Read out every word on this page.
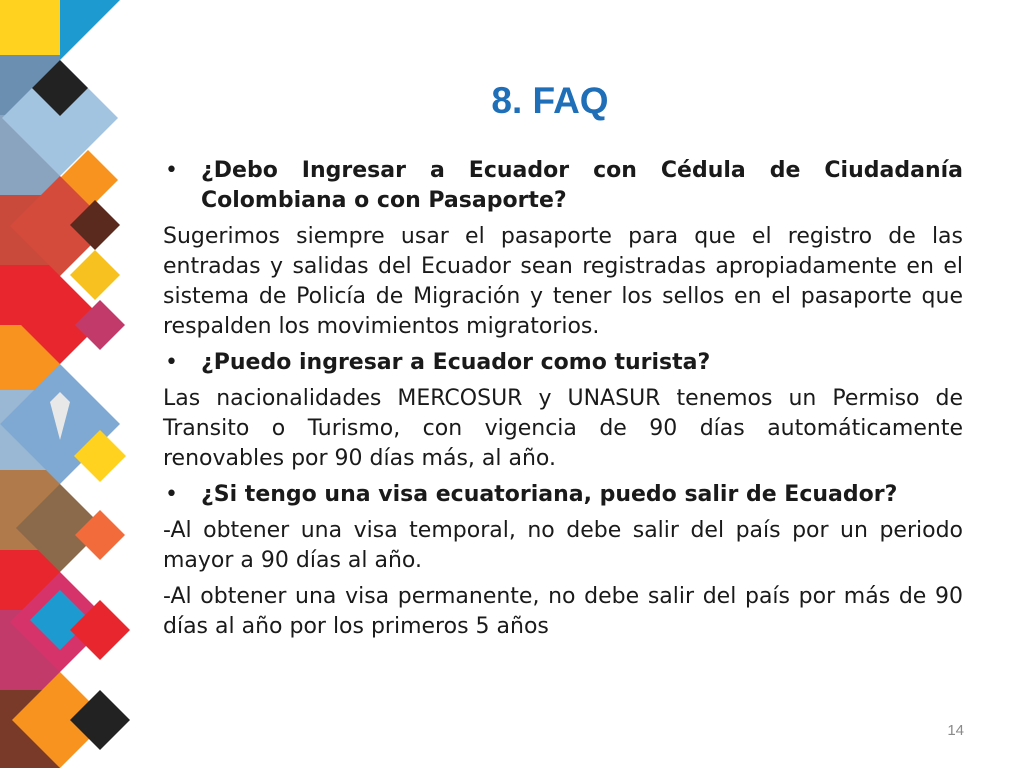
8. FAQ
• ¿Debo Ingresar a Ecuador con Cédula de Ciudadanía Colombiana o con Pasaporte?
Sugerimos siempre usar el pasaporte para que el registro de las entradas y salidas del Ecuador sean registradas apropiadamente en el sistema de Policía de Migración y tener los sellos en el pasaporte que respalden los movimientos migratorios.
• ¿Puedo ingresar a Ecuador como turista?
Las nacionalidades MERCOSUR y UNASUR tenemos un Permiso de Transito o Turismo, con vigencia de 90 días automáticamente renovables por 90 días más, al año.
• ¿Si tengo una visa ecuatoriana, puedo salir de Ecuador?
-Al obtener una visa temporal, no debe salir del país por un periodo mayor a 90 días al año.
-Al obtener una visa permanente, no debe salir del país por más de 90 días al año por los primeros 5 años
14
